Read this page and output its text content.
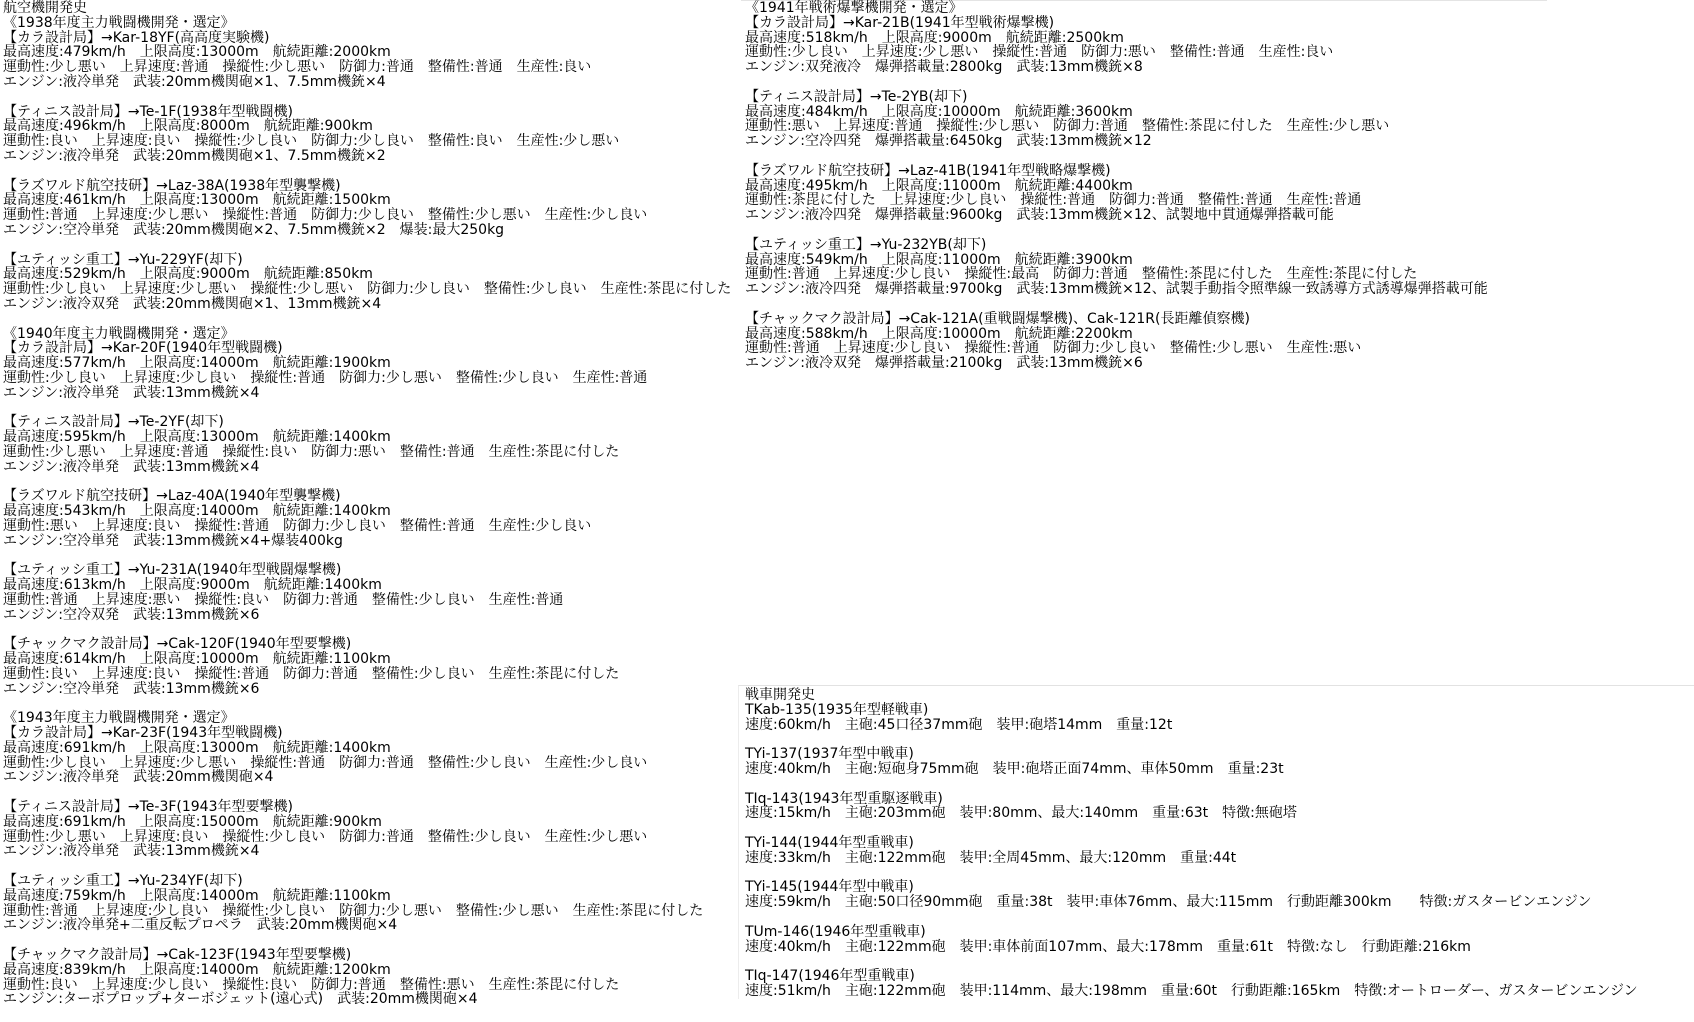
航空機開発史
《1938年度主力戦闘機開発・選定》
【カラ設計局】→Kar-18YF(高高度実験機)
最高速度:479km/h　上限高度:13000m　航続距離:2000km
運動性:少し悪い　上昇速度:普通　操縦性:少し悪い　防御力:普通　整備性:普通　生産性:良い
エンジン:液冷単発　武装:20mm機関砲×1、7.5mm機銃×4

【ティニス設計局】→Te-1F(1938年型戦闘機)
最高速度:496km/h　上限高度:8000m　航続距離:900km
運動性:良い　上昇速度:良い　操縦性:少し良い　防御力:少し良い　整備性:良い　生産性:少し悪い
エンジン:液冷単発　武装:20mm機関砲×1、7.5mm機銃×2

【ラズワルド航空技研】→Laz-38A(1938年型襲撃機)
最高速度:461km/h　上限高度:13000m　航続距離:1500km
運動性:普通　上昇速度:少し悪い　操縦性:普通　防御力:少し良い　整備性:少し悪い　生産性:少し良い
エンジン:空冷単発　武装:20mm機関砲×2、7.5mm機銃×2　爆装:最大250kg

【ユティッシ重工】→Yu-229YF(却下)
最高速度:529km/h　上限高度:9000m　航続距離:850km
運動性:少し良い　上昇速度:少し悪い　操縦性:少し悪い　防御力:少し良い　整備性:少し良い　生産性:茶毘に付した
エンジン:液冷双発　武装:20mm機関砲×1、13mm機銃×4

《1940年度主力戦闘機開発・選定》
【カラ設計局】→Kar-20F(1940年型戦闘機)
最高速度:577km/h　上限高度:14000m　航続距離:1900km
運動性:少し良い　上昇速度:少し良い　操縦性:普通　防御力:少し悪い　整備性:少し良い　生産性:普通
エンジン:液冷単発　武装:13mm機銃×4

【ティニス設計局】→Te-2YF(却下)
最高速度:595km/h　上限高度:13000m　航続距離:1400km
運動性:少し悪い　上昇速度:普通　操縦性:良い　防御力:悪い　整備性:普通　生産性:茶毘に付した
エンジン:液冷単発　武装:13mm機銃×4

【ラズワルド航空技研】→Laz-40A(1940年型襲撃機)
最高速度:543km/h　上限高度:14000m　航続距離:1400km
運動性:悪い　上昇速度:良い　操縦性:普通　防御力:少し良い　整備性:普通　生産性:少し良い
エンジン:空冷単発　武装:13mm機銃×4+爆装400kg

【ユティッシ重工】→Yu-231A(1940年型戦闘爆撃機)
最高速度:613km/h　上限高度:9000m　航続距離:1400km
運動性:普通　上昇速度:悪い　操縦性:良い　防御力:普通　整備性:少し良い　生産性:普通
エンジン:空冷双発　武装:13mm機銃×6

【チャックマク設計局】→Cak-120F(1940年型要撃機)
最高速度:614km/h　上限高度:10000m　航続距離:1100km
運動性:良い　上昇速度:良い　操縦性:普通　防御力:普通　整備性:少し良い　生産性:茶毘に付した
エンジン:空冷単発　武装:13mm機銃×6

《1943年度主力戦闘機開発・選定》
【カラ設計局】→Kar-23F(1943年型戦闘機)
最高速度:691km/h　上限高度:13000m　航続距離:1400km
運動性:少し良い　上昇速度:少し悪い　操縦性:普通　防御力:普通　整備性:少し良い　生産性:少し良い
エンジン:液冷単発　武装:20mm機関砲×4

【ティニス設計局】→Te-3F(1943年型要撃機)
最高速度:691km/h　上限高度:15000m　航続距離:900km
運動性:少し悪い　上昇速度:良い　操縦性:少し良い　防御力:普通　整備性:少し良い　生産性:少し悪い
エンジン:液冷単発　武装:13mm機銃×4

【ユティッシ重工】→Yu-234YF(却下)
最高速度:759km/h　上限高度:14000m　航続距離:1100km
運動性:普通　上昇速度:少し良い　操縦性:少し良い　防御力:少し悪い　整備性:少し悪い　生産性:茶毘に付した
エンジン:液冷単発+二重反転プロペラ　武装:20mm機関砲×4

【チャックマク設計局】→Cak-123F(1943年型要撃機)
最高速度:839km/h　上限高度:14000m　航続距離:1200km
運動性:良い　上昇速度:少し良い　操縦性:良い　防御力:普通　整備性:悪い　生産性:茶毘に付した
エンジン:ターボプロップ+ターボジェット(遠心式)　武装:20mm機関砲×4

《1941年戦術爆撃機開発・選定》
【カラ設計局】→Kar-21B(1941年型戦術爆撃機)
最高速度:518km/h　上限高度:9000m　航続距離:2500km
運動性:少し良い　上昇速度:少し悪い　操縦性:普通　防御力:悪い　整備性:普通　生産性:良い
エンジン:双発液冷　爆弾搭載量:2800kg　武装:13mm機銃×8

【ティニス設計局】→Te-2YB(却下)
最高速度:484km/h　上限高度:10000m　航続距離:3600km
運動性:悪い　上昇速度:普通　操縦性:少し悪い　防御力:普通　整備性:茶毘に付した　生産性:少し悪い
エンジン:空冷四発　爆弾搭載量:6450kg　武装:13mm機銃×12

【ラズワルド航空技研】→Laz-41B(1941年型戦略爆撃機)
最高速度:495km/h　上限高度:11000m　航続距離:4400km
運動性:茶毘に付した　上昇速度:少し良い　操縦性:普通　防御力:普通　整備性:普通　生産性:普通
エンジン:液冷四発　爆弾搭載量:9600kg　武装:13mm機銃×12、試製地中貫通爆弾搭載可能

【ユティッシ重工】→Yu-232YB(却下)
最高速度:549km/h　上限高度:11000m　航続距離:3900km
運動性:普通　上昇速度:少し良い　操縦性:最高　防御力:普通　整備性:茶毘に付した　生産性:茶毘に付した
エンジン:液冷四発　爆弾搭載量:9700kg　武装:13mm機銃×12、試製手動指令照準線一致誘導方式誘導爆弾搭載可能

【チャックマク設計局】→Cak-121A(重戦闘爆撃機)、Cak-121R(長距離偵察機)
最高速度:588km/h　上限高度:10000m　航続距離:2200km
運動性:普通　上昇速度:少し良い　操縦性:普通　防御力:少し良い　整備性:少し悪い　生産性:悪い
エンジン:液冷双発　爆弾搭載量:2100kg　武装:13mm機銃×6

戦車開発史
TKab-135(1935年型軽戦車)
速度:60km/h　主砲:45口径37mm砲　装甲:砲塔14mm　重量:12t

TYi-137(1937年型中戦車)
速度:40km/h　主砲:短砲身75mm砲　装甲:砲塔正面74mm、車体50mm　重量:23t

TIq-143(1943年型重駆逐戦車)
速度:15km/h　主砲:203mm砲　装甲:80mm、最大:140mm　重量:63t　特徴:無砲塔

TYi-144(1944年型重戦車)
速度:33km/h　主砲:122mm砲　装甲:全周45mm、最大:120mm　重量:44t

TYi-145(1944年型中戦車)
速度:59km/h　主砲:50口径90mm砲　重量:38t　装甲:車体76mm、最大:115mm　行動距離300km　　特徴:ガスタービンエンジン

TUm-146(1946年型重戦車)
速度:40km/h　主砲:122mm砲　装甲:車体前面107mm、最大:178mm　重量:61t　特徴:なし　行動距離:216km

TIq-147(1946年型重戦車)
速度:51km/h　主砲:122mm砲　装甲:114mm、最大:198mm　重量:60t　行動距離:165km　特徴:オートローダー、ガスタービンエンジン
